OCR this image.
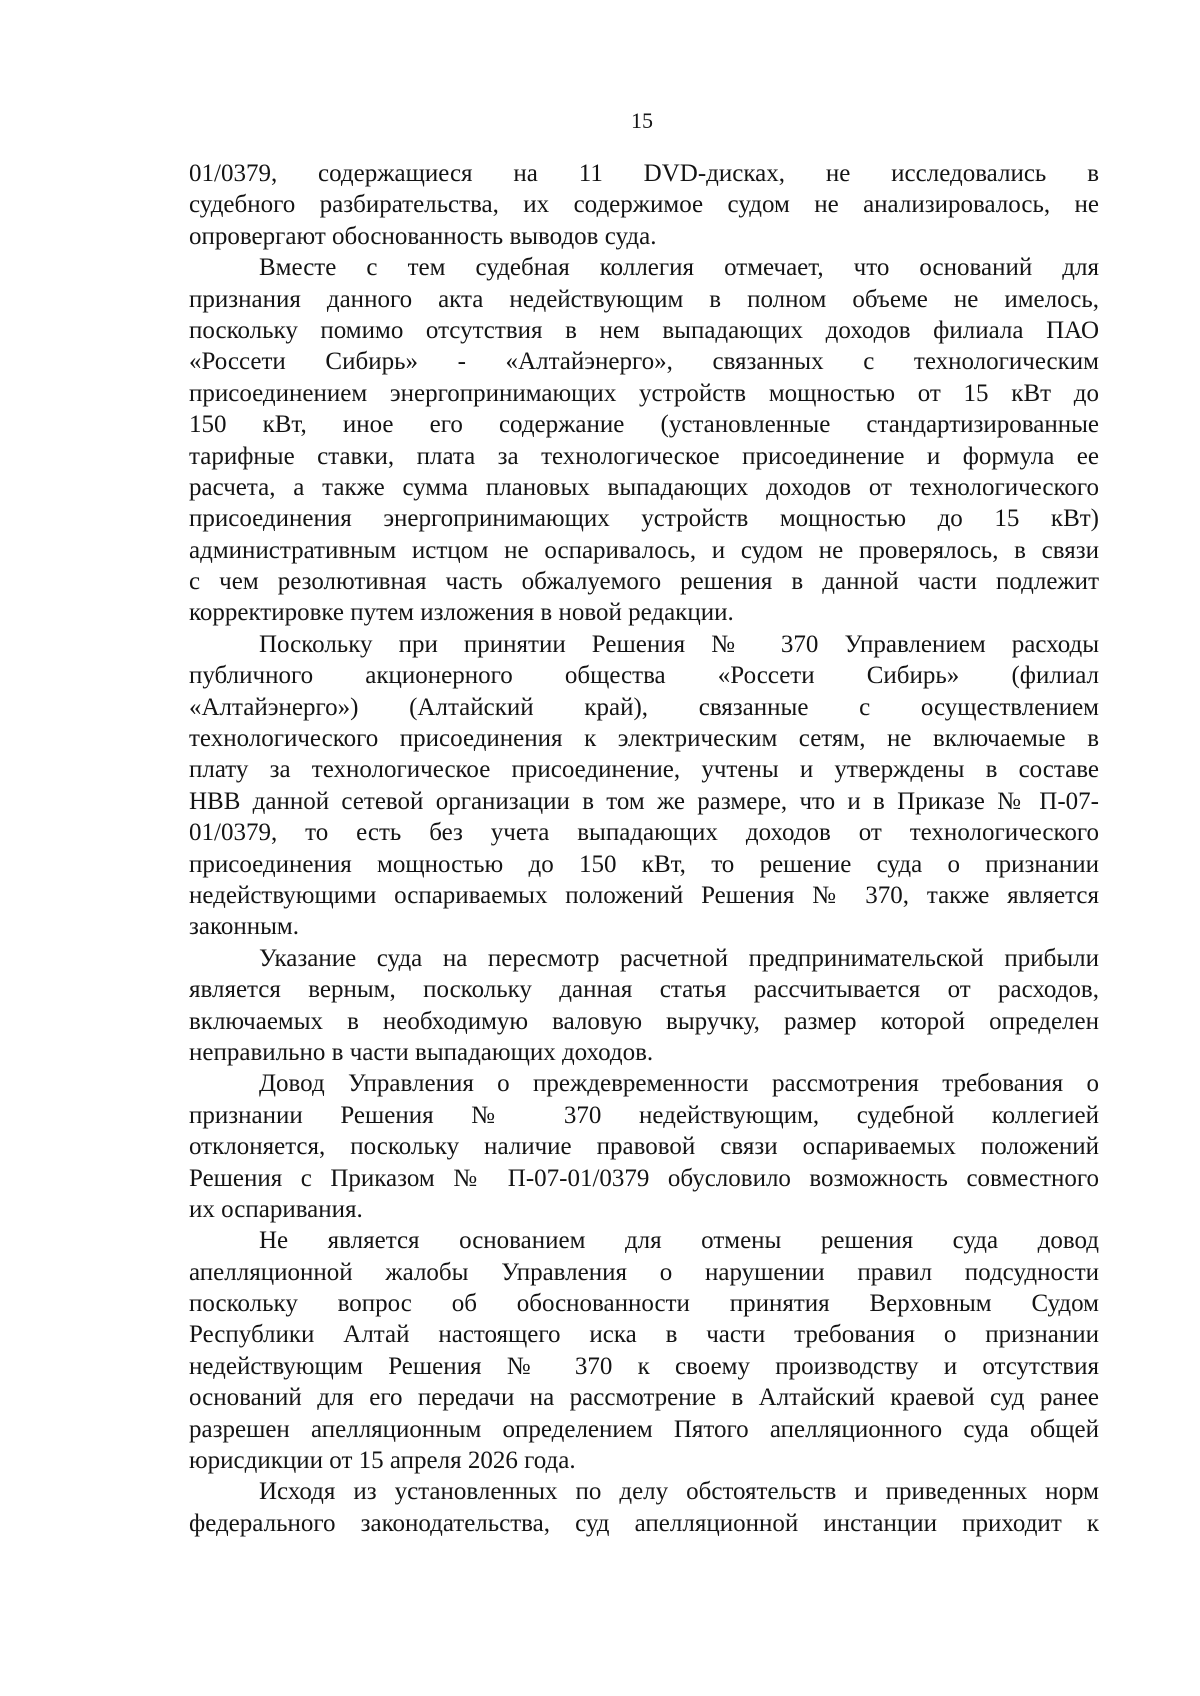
15
01/0379, содержащиеся на 11 DVD-дисках, не исследовались в
судебного разбирательства, их содержимое судом не анализировалось, не
опровергают обоснованность выводов суда.
Вместе с тем судебная коллегия отмечает, что оснований для
признания данного акта недействующим в полном объеме не имелось,
поскольку помимо отсутствия в нем выпадающих доходов филиала ПАО
«Россети Сибирь» - «Алтайэнерго», связанных с технологическим
присоединением энергопринимающих устройств мощностью от 15 кВт до
150 кВт, иное его содержание (установленные стандартизированные
тарифные ставки, плата за технологическое присоединение и формула ее
расчета, а также сумма плановых выпадающих доходов от технологического
присоединения энергопринимающих устройств мощностью до 15 кВт)
административным истцом не оспаривалось, и судом не проверялось, в связи
с чем резолютивная часть обжалуемого решения в данной части подлежит
корректировке путем изложения в новой редакции.
Поскольку при принятии Решения № 370 Управлением расходы
публичного акционерного общества «Россети Сибирь» (филиал
«Алтайэнерго») (Алтайский край), связанные с осуществлением
технологического присоединения к электрическим сетям, не включаемые в
плату за технологическое присоединение, учтены и утверждены в составе
НВВ данной сетевой организации в том же размере, что и в Приказе № П-07-
01/0379, то есть без учета выпадающих доходов от технологического
присоединения мощностью до 150 кВт, то решение суда о признании
недействующими оспариваемых положений Решения № 370, также является
законным.
Указание суда на пересмотр расчетной предпринимательской прибыли
является верным, поскольку данная статья рассчитывается от расходов,
включаемых в необходимую валовую выручку, размер которой определен
неправильно в части выпадающих доходов.
Довод Управления о преждевременности рассмотрения требования о
признании Решения № 370 недействующим, судебной коллегией
отклоняется, поскольку наличие правовой связи оспариваемых положений
Решения с Приказом № П-07-01/0379 обусловило возможность совместного
их оспаривания.
Не является основанием для отмены решения суда довод
апелляционной жалобы Управления о нарушении правил подсудности
поскольку вопрос об обоснованности принятия Верховным Судом
Республики Алтай настоящего иска в части требования о признании
недействующим Решения № 370 к своему производству и отсутствия
оснований для его передачи на рассмотрение в Алтайский краевой суд ранее
разрешен апелляционным определением Пятого апелляционного суда общей
юрисдикции от 15 апреля 2026 года.
Исходя из установленных по делу обстоятельств и приведенных норм
федерального законодательства, суд апелляционной инстанции приходит к
